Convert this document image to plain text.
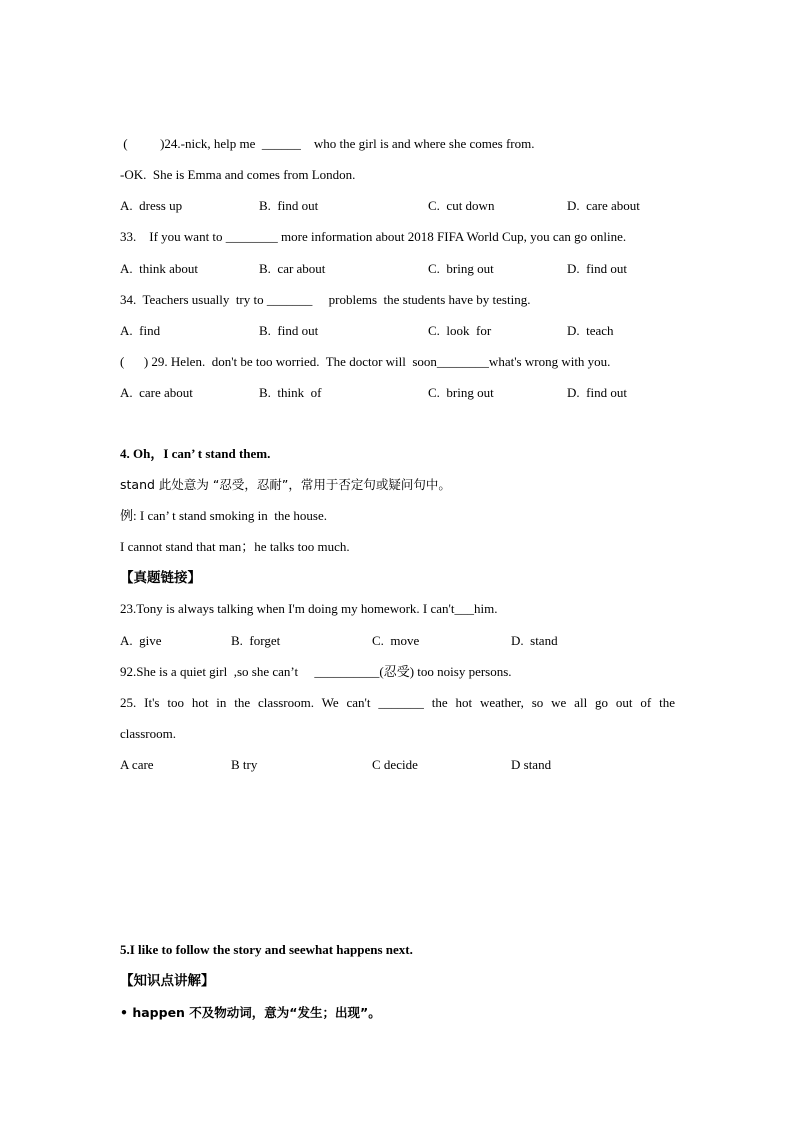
(          )24.-nick, help me  ______    who the girl is and where she comes from.
-OK.  She is Emma and comes from London.
A.  dress up	B.  find out	C.  cut down	D.  care about
33.    If you want to ________ more information about 2018 FIFA World Cup, you can go online.
A.  think about	B.  car about	C.  bring out	D.  find out
34.  Teachers usually  try to _______     problems  the students have by testing.
A.  find	B.  find out	C.  look  for	D.  teach
(      ) 29. Helen.  don't be too worried.  The doctor will  soon________what's wrong with you.
A.  care about	B.  think  of	C.  bring out	D.  find out
4. Oh，I can’ t stand them.
stand 此处意为 “忍受，忍耐”，常用于否定句或疑问句中。
例: I can’ t stand smoking in  the house.
I cannot stand that man；he talks too much.
【真题链接】
23.Tony is always talking when I'm doing my homework. I can't___him.
A.  give	B.  forget	C.  move	D.  stand
92.She is a quiet girl  ,so she can’t     __________(忍受) too noisy persons.
25. It's too hot in the classroom. We can't _______ the hot weather, so we all go out of the
classroom.
A care	B try	C decide	D stand
5.I like to follow the story and seewhat happens next.
【知识点讲解】
• happen 不及物动词，意为“发生；出现”。
